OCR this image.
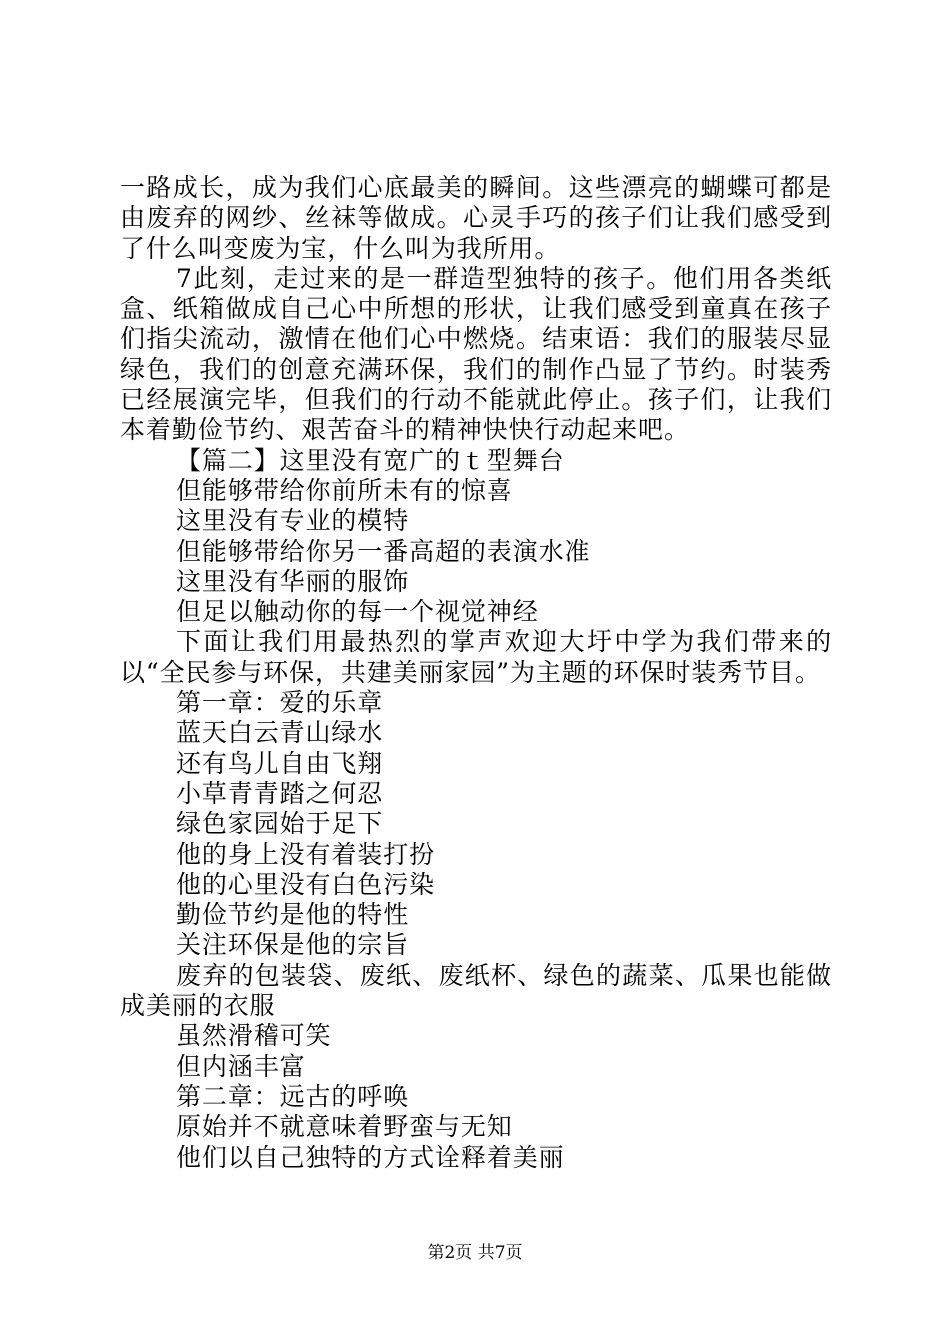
一路成长，成为我们心底最美的瞬间。这些漂亮的蝴蝶可都是由废弃的网纱、丝袜等做成。心灵手巧的孩子们让我们感受到了什么叫变废为宝，什么叫为我所用。

7此刻，走过来的是一群造型独特的孩子。他们用各类纸盒、纸箱做成自己心中所想的形状，让我们感受到童真在孩子们指尖流动，激情在他们心中燃烧。结束语：我们的服装尽显绿色，我们的创意充满环保，我们的制作凸显了节约。时装秀已经展演完毕，但我们的行动不能就此停止。孩子们，让我们本着勤俭节约、艰苦奋斗的精神快快行动起来吧。

【篇二】这里没有宽广的ｔ型舞台

但能够带给你前所未有的惊喜

这里没有专业的模特

但能够带给你另一番高超的表演水准

这里没有华丽的服饰

但足以触动你的每一个视觉神经

下面让我们用最热烈的掌声欢迎大圩中学为我们带来的以“全民参与环保，共建美丽家园”为主题的环保时装秀节目。

第一章：爱的乐章

蓝天白云青山绿水

还有鸟儿自由飞翔

小草青青踏之何忍

绿色家园始于足下

他的身上没有着装打扮

他的心里没有白色污染

勤俭节约是他的特性

关注环保是他的宗旨

废弃的包装袋、废纸、废纸杯、绿色的蔬菜、瓜果也能做成美丽的衣服

虽然滑稽可笑

但内涵丰富

第二章：远古的呼唤

原始并不就意味着野蛮与无知

他们以自己独特的方式诠释着美丽

第2页 共7页
